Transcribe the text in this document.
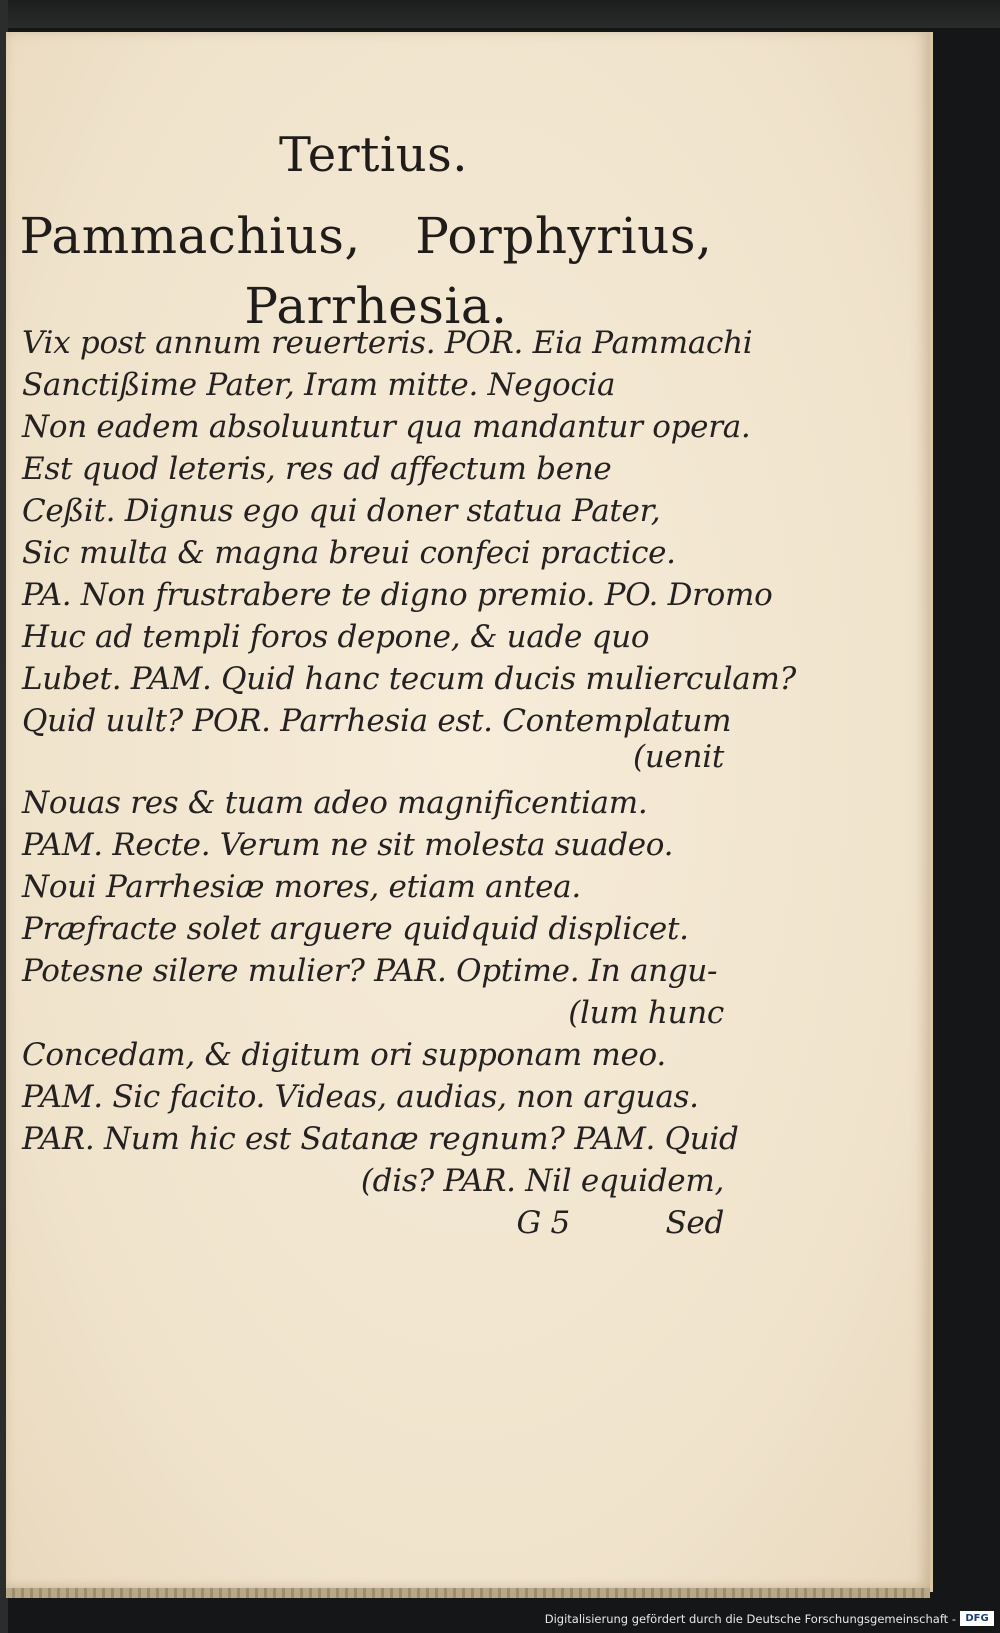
Tertius.
Pammachius, Porphyrius,
Parrhesia.
Vix post annum reuerteris. POR. Eia Pammachi
Sanctißime Pater, Iram mitte. Negocia
Non eadem absoluuntur qua mandantur opera.
Est quod leteris, res ad affectum bene
Ceßit. Dignus ego qui doner statua Pater,
Sic multa & magna breui confeci practice.
PA. Non frustrabere te digno premio. PO. Dromo
Huc ad templi foros depone, & uade quo
Lubet. PAM. Quid hanc tecum ducis mulierculam?
Quid uult? POR. Parrhesia est. Contemplatum
(uenit
Nouas res & tuam adeo magnificentiam.
PAM. Recte. Verum ne sit molesta suadeo.
Noui Parrhesiæ mores, etiam antea.
Præfracte solet arguere quidquid displicet.
Potesne silere mulier? PAR. Optime. In angu-
(lum hunc
Concedam, & digitum ori supponam meo.
PAM. Sic facito. Videas, audias, non arguas.
PAR. Num hic est Satanæ regnum? PAM. Quid
(dis? PAR. Nil equidem,
G 5          Sed
Digitalisierung gefördert durch die Deutsche Forschungsgemeinschaft - DFG
